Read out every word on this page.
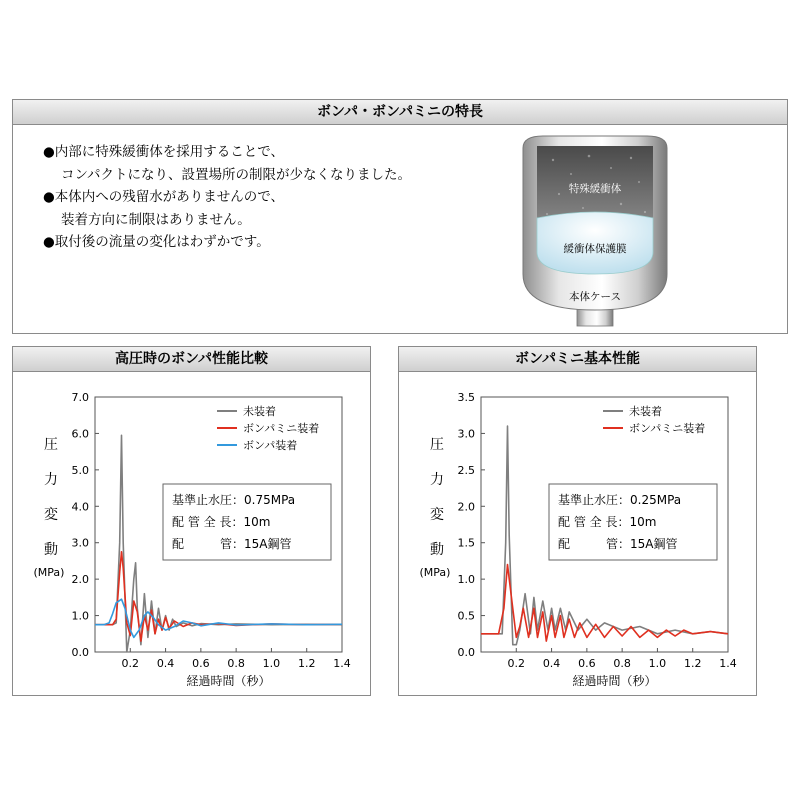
ボンパ・ボンパミニの特長
●内部に特殊緩衝体を採用することで、
コンパクトになり、設置場所の制限が少なくなりました。
●本体内への残留水がありませんので、
装着方向に制限はありません。
●取付後の流量の変化はわずかです。
特殊緩衝体
緩衝体保護膜
本体ケース
高圧時のボンパ性能比較
0.0
1.0
2.0
3.0
4.0
5.0
6.0
7.0
0.2 0.4 0.6 0.8 1.0 1.2 1.4
経過時間（秒）
圧
力
変
動
(MPa)
未装着
ボンパミニ装着
ボンパ装着
基準止水圧：0.75MPa
配 管 全 長：10m
配　　　管：15A鋼管
ボンパミニ基本性能
0.0
0.5
1.0
1.5
2.0
2.5
3.0
3.5
0.2 0.4 0.6 0.8 1.0 1.2 1.4
経過時間（秒）
圧
力
変
動
(MPa)
未装着
ボンパミニ装着
基準止水圧：0.25MPa
配 管 全 長：10m
配　　　管：15A鋼管
